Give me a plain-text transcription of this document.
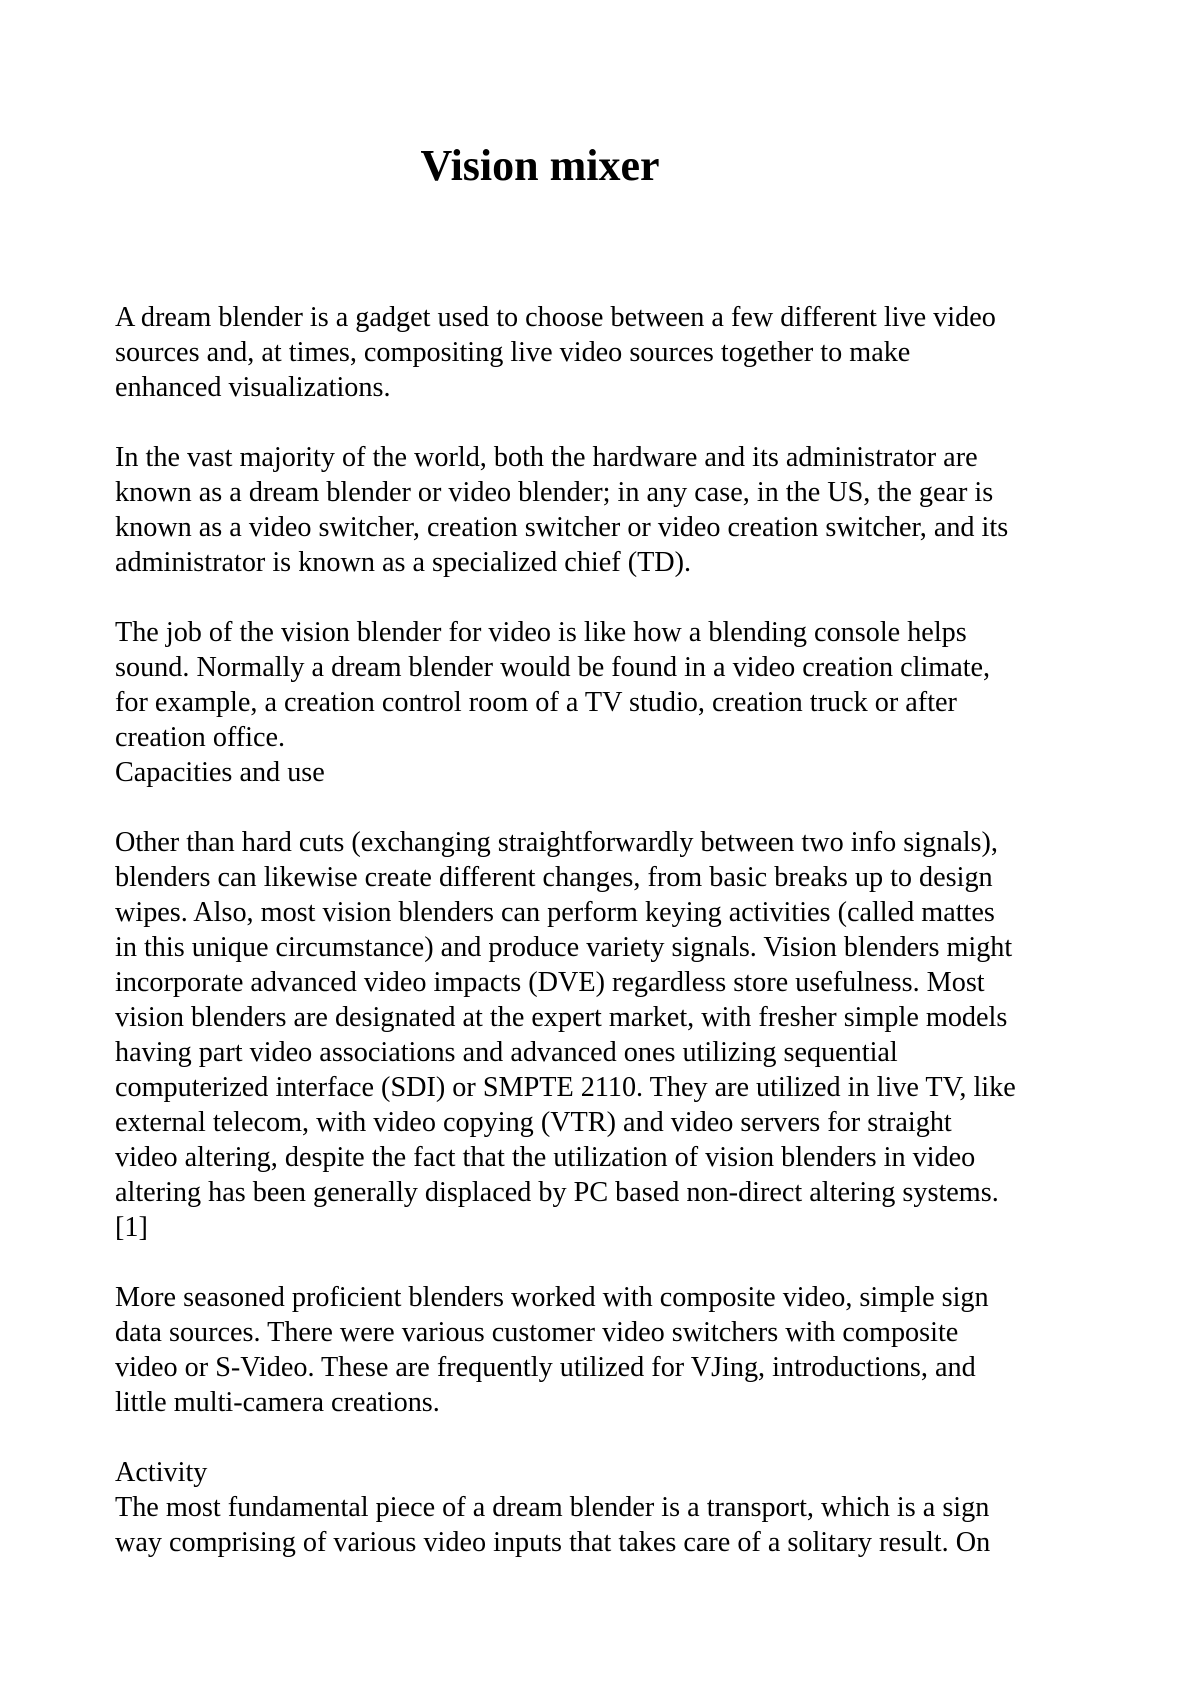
Vision mixer

A dream blender is a gadget used to choose between a few different live video
sources and, at times, compositing live video sources together to make
enhanced visualizations.

In the vast majority of the world, both the hardware and its administrator are
known as a dream blender or video blender; in any case, in the US, the gear is
known as a video switcher, creation switcher or video creation switcher, and its
administrator is known as a specialized chief (TD).

The job of the vision blender for video is like how a blending console helps
sound. Normally a dream blender would be found in a video creation climate,
for example, a creation control room of a TV studio, creation truck or after
creation office.

Capacities and use

Other than hard cuts (exchanging straightforwardly between two info signals),
blenders can likewise create different changes, from basic breaks up to design
wipes. Also, most vision blenders can perform keying activities (called mattes
in this unique circumstance) and produce variety signals. Vision blenders might
incorporate advanced video impacts (DVE) regardless store usefulness. Most
vision blenders are designated at the expert market, with fresher simple models
having part video associations and advanced ones utilizing sequential
computerized interface (SDI) or SMPTE 2110. They are utilized in live TV, like
external telecom, with video copying (VTR) and video servers for straight
video altering, despite the fact that the utilization of vision blenders in video
altering has been generally displaced by PC based non-direct altering systems.
[1]

More seasoned proficient blenders worked with composite video, simple sign
data sources. There were various customer video switchers with composite
video or S-Video. These are frequently utilized for VJing, introductions, and
little multi-camera creations.

Activity

The most fundamental piece of a dream blender is a transport, which is a sign
way comprising of various video inputs that takes care of a solitary result. On
